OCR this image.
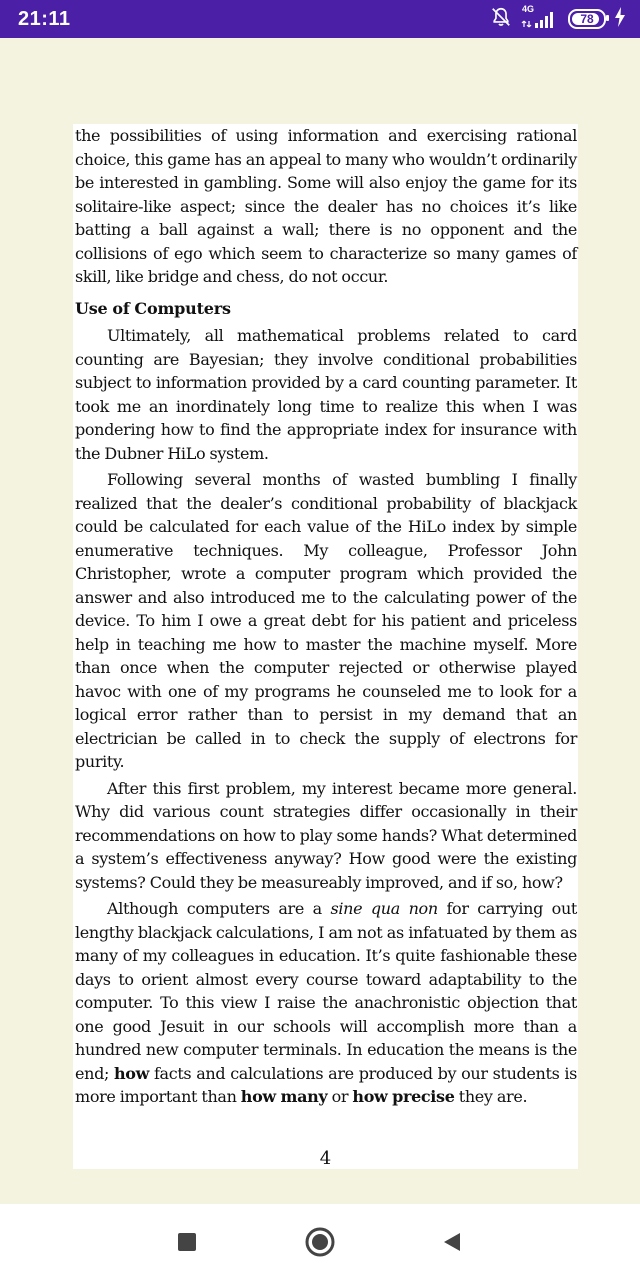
21:11	4G
78

the possibilities of using information and exercising rational choice, this game has an appeal to many who wouldn’t ordinarily be interested in gambling. Some will also enjoy the game for its solitaire-like aspect; since the dealer has no choices it’s like batting a ball against a wall; there is no opponent and the collisions of ego which seem to characterize so many games of skill, like bridge and chess, do not occur.

Use of Computers

Ultimately, all mathematical problems related to card counting are Bayesian; they involve conditional probabilities subject to information provided by a card counting parameter. It took me an inordinately long time to realize this when I was pondering how to find the appropriate index for insurance with the Dubner HiLo system.

Following several months of wasted bumbling I finally realized that the dealer’s conditional probability of blackjack could be calculated for each value of the HiLo index by simple enumerative techniques. My colleague, Professor John Christopher, wrote a computer program which provided the answer and also introduced me to the calculating power of the device. To him I owe a great debt for his patient and priceless help in teaching me how to master the machine myself. More than once when the computer rejected or otherwise played havoc with one of my programs he counseled me to look for a logical error rather than to persist in my demand that an electrician be called in to check the supply of electrons for purity.

After this first problem, my interest became more general. Why did various count strategies differ occasionally in their recommendations on how to play some hands? What determined a system’s effectiveness anyway? How good were the existing systems? Could they be measureably improved, and if so, how?

Although computers are a sine qua non for carrying out lengthy blackjack calculations, I am not as infatuated by them as many of my colleagues in education. It’s quite fashionable these days to orient almost every course toward adaptability to the computer. To this view I raise the anachronistic objection that one good Jesuit in our schools will accomplish more than a hundred new computer terminals. In education the means is the end; how facts and calculations are produced by our students is more important than how many or how precise they are.

4
